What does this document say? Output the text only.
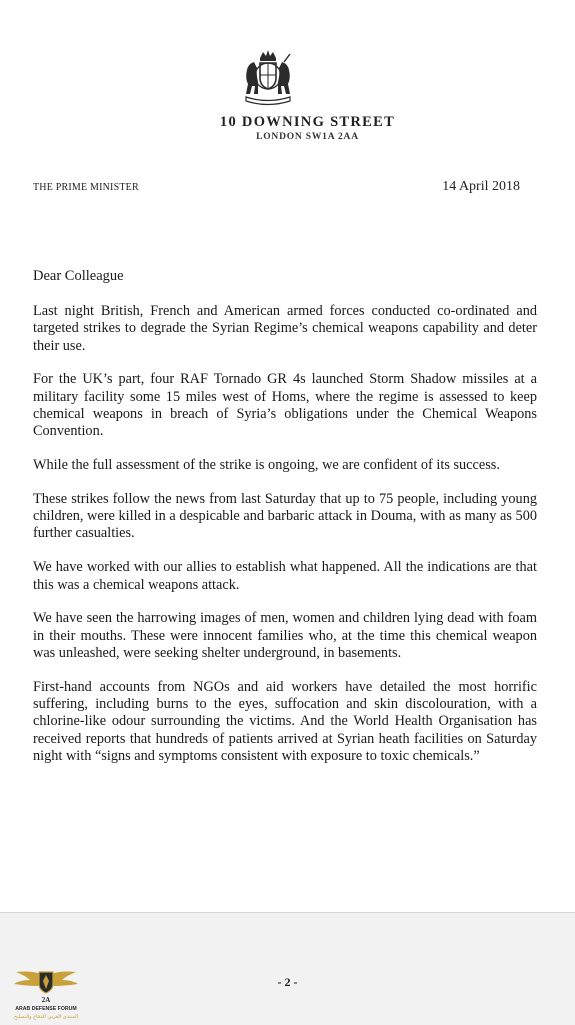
10 DOWNING STREET
LONDON SW1A 2AA
THE PRIME MINISTER	14 April 2018
Dear Colleague

Last night British, French and American armed forces conducted co-ordinated and targeted strikes to degrade the Syrian Regime’s chemical weapons capability and deter their use.

For the UK’s part, four RAF Tornado GR 4s launched Storm Shadow missiles at a military facility some 15 miles west of Homs, where the regime is assessed to keep chemical weapons in breach of Syria’s obligations under the Chemical Weapons Convention.

While the full assessment of the strike is ongoing, we are confident of its success.

These strikes follow the news from last Saturday that up to 75 people, including young children, were killed in a despicable and barbaric attack in Douma, with as many as 500 further casualties.

We have worked with our allies to establish what happened. All the indications are that this was a chemical weapons attack.

We have seen the harrowing images of men, women and children lying dead with foam in their mouths. These were innocent families who, at the time this chemical weapon was unleashed, were seeking shelter underground, in basements.

First-hand accounts from NGOs and aid workers have detailed the most horrific suffering, including burns to the eyes, suffocation and skin discolouration, with a chlorine-like odour surrounding the victims. And the World Health Organisation has received reports that hundreds of patients arrived at Syrian heath facilities on Saturday night with “signs and symptoms consistent with exposure to toxic chemicals.”

- 2 -
2A
ARAB DEFENSE FORUM
المنتدى العربي للدفاع والتسليح
